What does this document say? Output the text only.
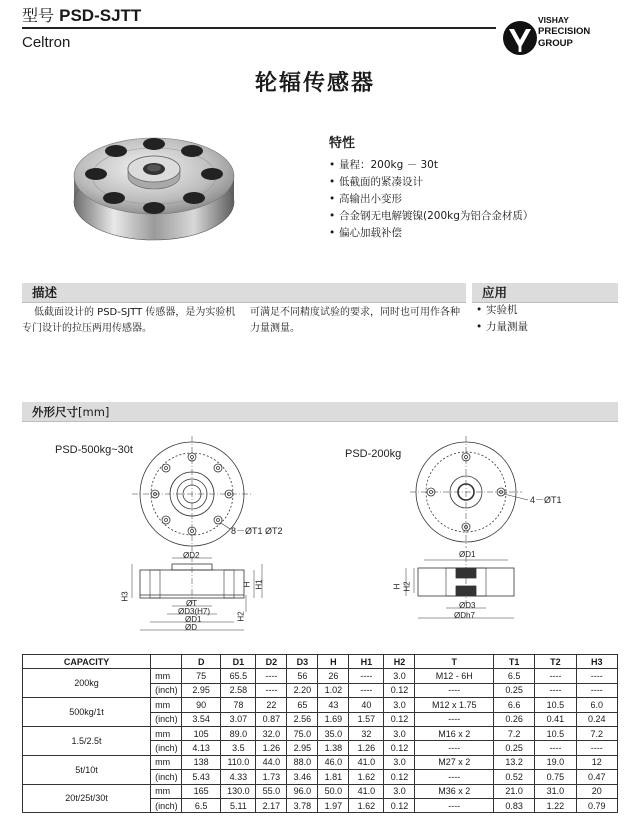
型号 PSD-SJTT
Celtron
VISHAY
PRECISION
GROUP
轮辐传感器
特性
• 量程：200kg － 30t
• 低截面的紧凑设计
• 高输出小变形
• 合金钢无电解镀镍(200kg为铝合金材质）
• 偏心加载补偿
描述	应用
低截面设计的 PSD-SJTT 传感器，是为实验机专门设计的拉压两用传感器。
可满足不同精度试验的要求，同时也可用作各种力量测量。
• 实验机
• 力量测量
外形尺寸[mm]
PSD-500kg~30t
8－ØT1 ØT2
ØD2
ØT
ØD3(H7)
ØD1
ØD
H3
H H1
H2
PSD-200kg
4－ØT1
ØD1
ØD3
ØDh7
H H2
CAPACITY		D	D1	D2	D3	H	H1	H2	T	T1	T2	H3
200kg	mm	75	65.5	----	56	26	----	3.0	M12 - 6H	6.5	----	----
	(inch)	2.95	2.58	----	2.20	1.02	----	0.12	----	0.25	----	----
500kg/1t	mm	90	78	22	65	43	40	3.0	M12 x 1.75	6.6	10.5	6.0
	(inch)	3.54	3.07	0.87	2.56	1.69	1.57	0.12	----	0.26	0.41	0.24
1.5/2.5t	mm	105	89.0	32.0	75.0	35.0	32	3.0	M16 x 2	7.2	10.5	7.2
	(inch)	4.13	3.5	1.26	2.95	1.38	1.26	0.12	----	0.25	----	----
5t/10t	mm	138	110.0	44.0	88.0	46.0	41.0	3.0	M27 x 2	13.2	19.0	12
	(inch)	5.43	4.33	1.73	3.46	1.81	1.62	0.12	----	0.52	0.75	0.47
20t/25t/30t	mm	165	130.0	55.0	96.0	50.0	41.0	3.0	M36 x 2	21.0	31.0	20
	(inch)	6.5	5.11	2.17	3.78	1.97	1.62	0.12	----	0.83	1.22	0.79
